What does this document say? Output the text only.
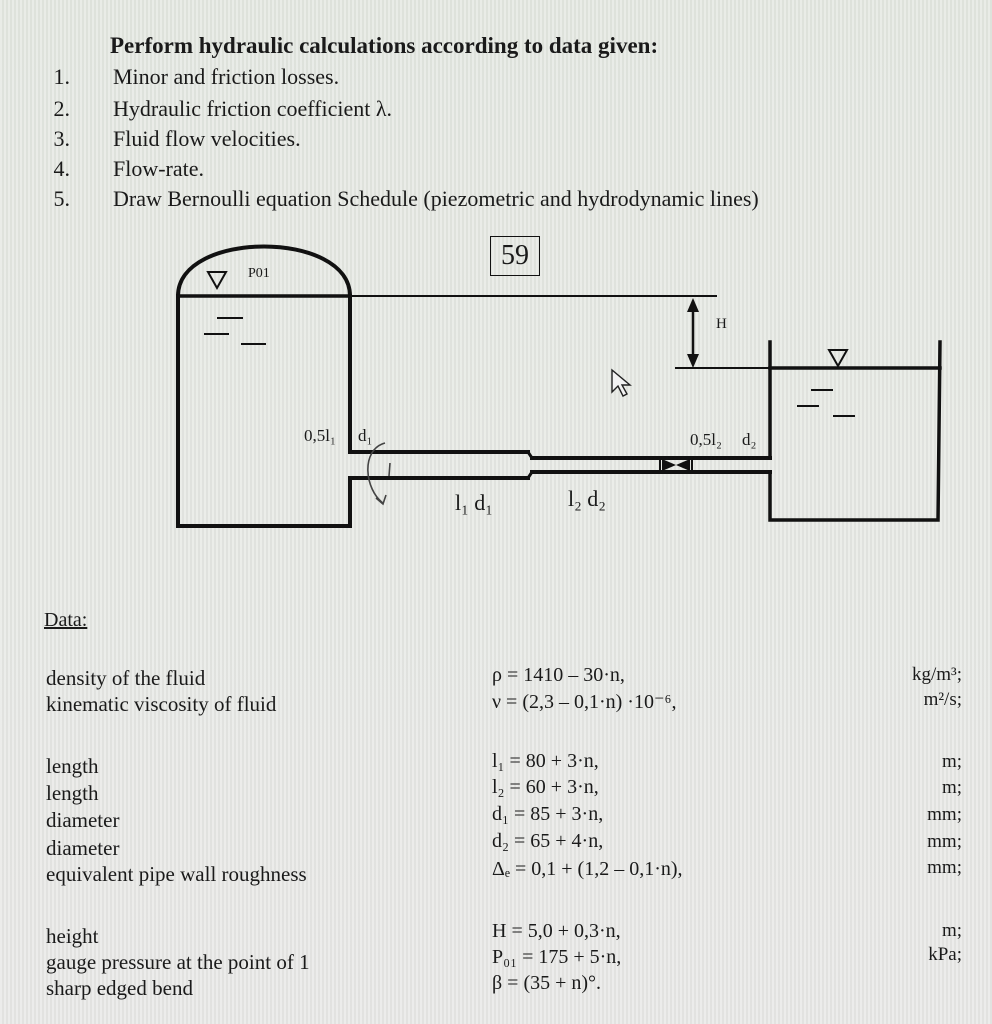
Perform hydraulic calculations according to data given:
1. Minor and friction losses.
2. Hydraulic friction coefficient λ.
3. Fluid flow velocities.
4. Flow-rate.
5. Draw Bernoulli equation Schedule (piezometric and hydrodynamic lines)
59
P01
H
0,5l₁ d₁	0,5l₂ d₂
l₁ d₁	l₂ d₂
Data:
density of the fluid	ρ = 1410 – 30·n,	kg/m³;
kinematic viscosity of fluid	ν = (2,3 – 0,1·n) ·10⁻⁶,	m²/s;
length	l₁ = 80 + 3·n,	m;
length	l₂ = 60 + 3·n,	m;
diameter	d₁ = 85 + 3·n,	mm;
diameter	d₂ = 65 + 4·n,	mm;
equivalent pipe wall roughness	Δₑ = 0,1 + (1,2 – 0,1·n),	mm;
height	H = 5,0 + 0,3·n,	m;
gauge pressure at the point of 1	P₀₁ = 175 + 5·n,	kPa;
sharp edged bend	β = (35 + n)°.
